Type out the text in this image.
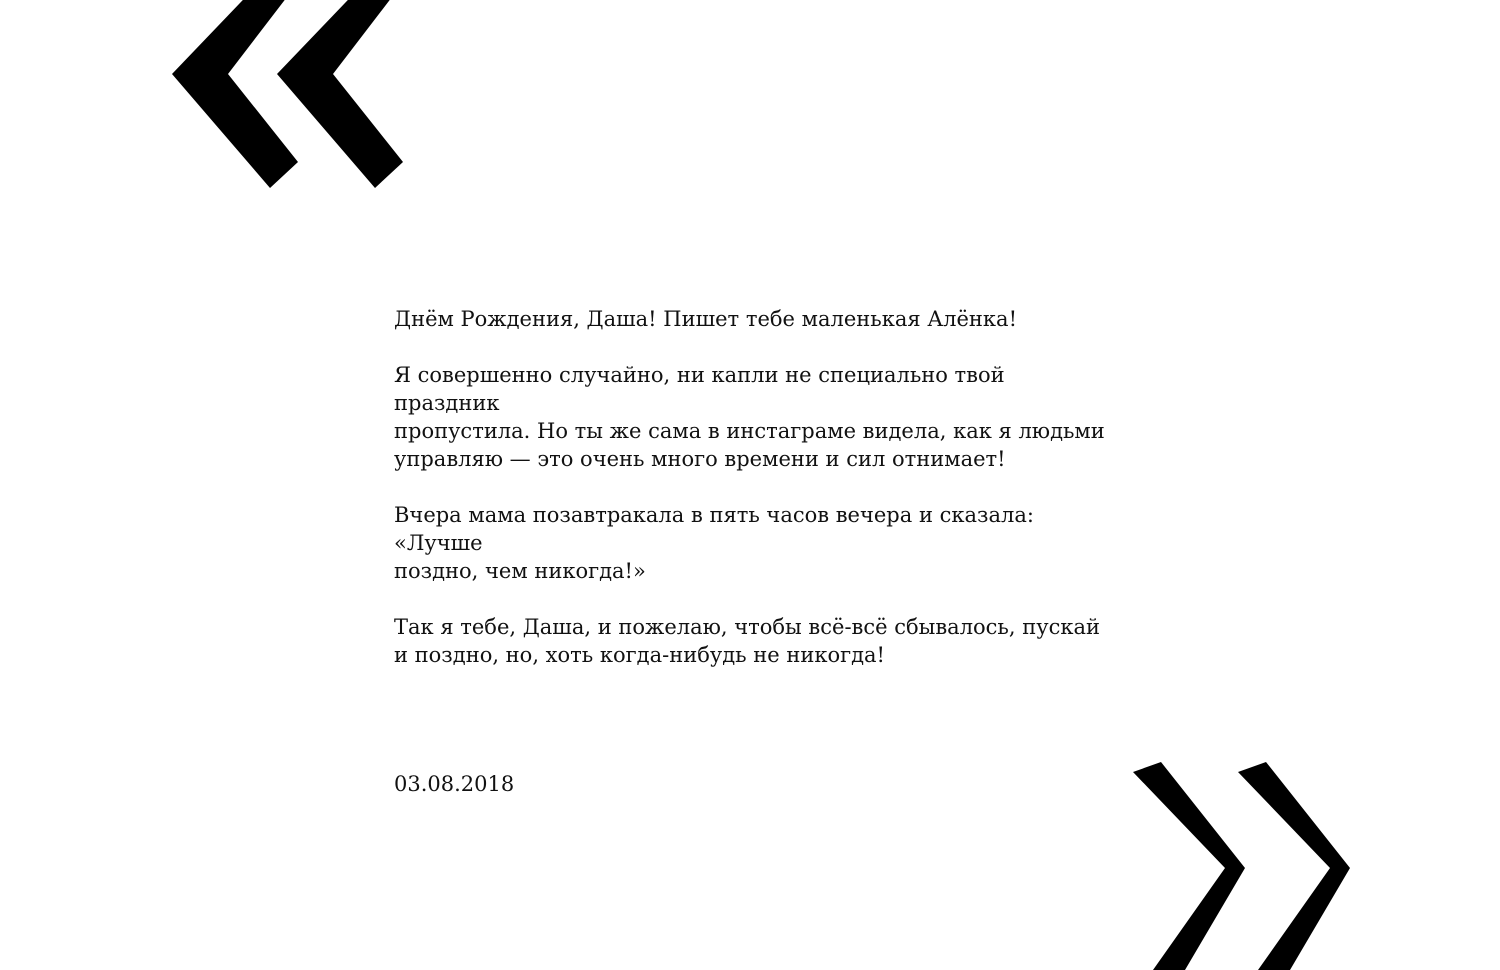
Днём Рождения, Даша! Пишет тебе маленькая Алёнка!

Я совершенно случайно, ни капли не специально твой праздник
пропустила. Но ты же сама в инстаграме видела, как я людьми
управляю — это очень много времени и сил отнимает!

Вчера мама позавтракала в пять часов вечера и сказала: «Лучше
поздно, чем никогда!»

Так я тебе, Даша, и пожелаю, чтобы всё-всё сбывалось, пускай
и поздно, но, хоть когда-нибудь не никогда!

03.08.2018
